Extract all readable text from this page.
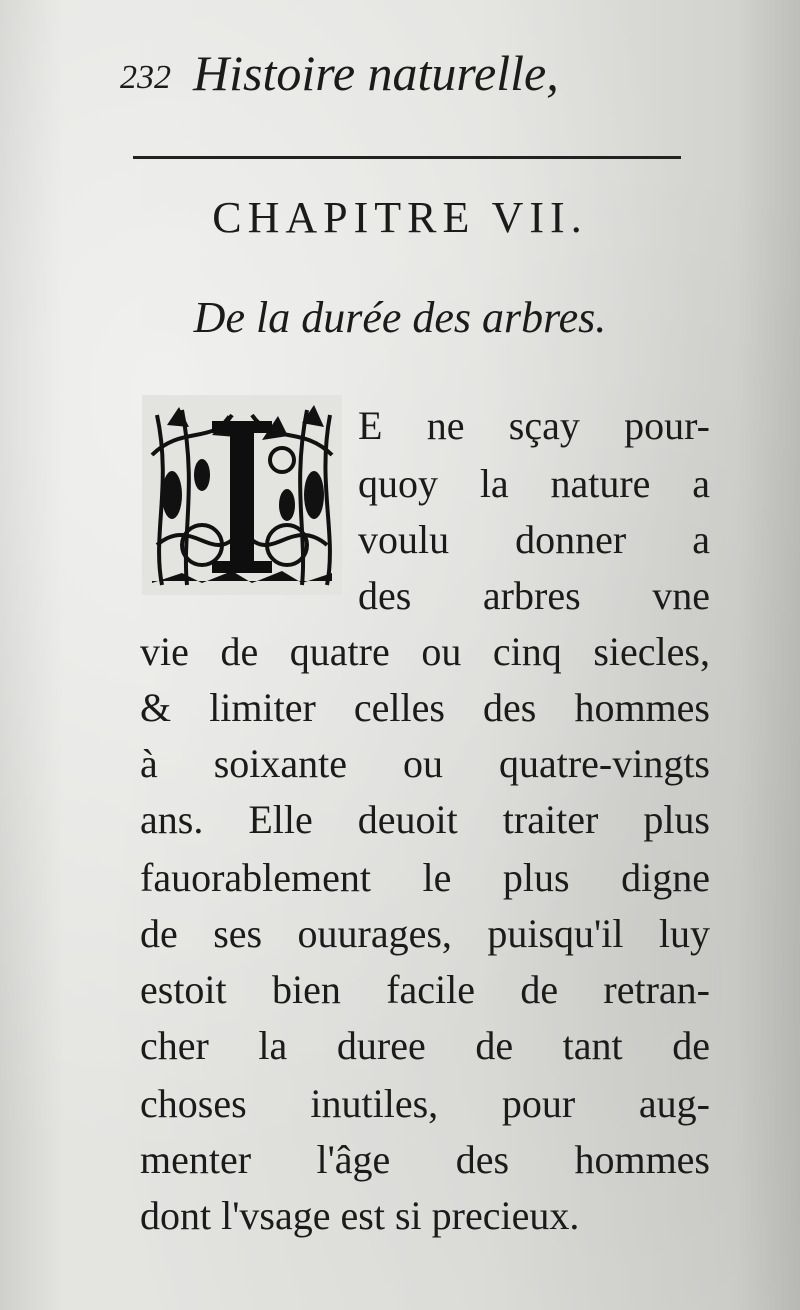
232 Histoire naturelle,
CHAPITRE VII.
De la durée des arbres.
E ne sçay pour-
quoy la nature a
voulu donner a
des arbres vne
vie de quatre ou cinq siecles,
& limiter celles des hommes
à soixante ou quatre-vingts
ans. Elle deuoit traiter plus
fauorablement le plus digne
de ses ouurages, puisqu'il luy
estoit bien facile de retran-
cher la duree de tant de
choses inutiles, pour aug-
menter l'âge des hommes
dont l'vsage est si precieux.
